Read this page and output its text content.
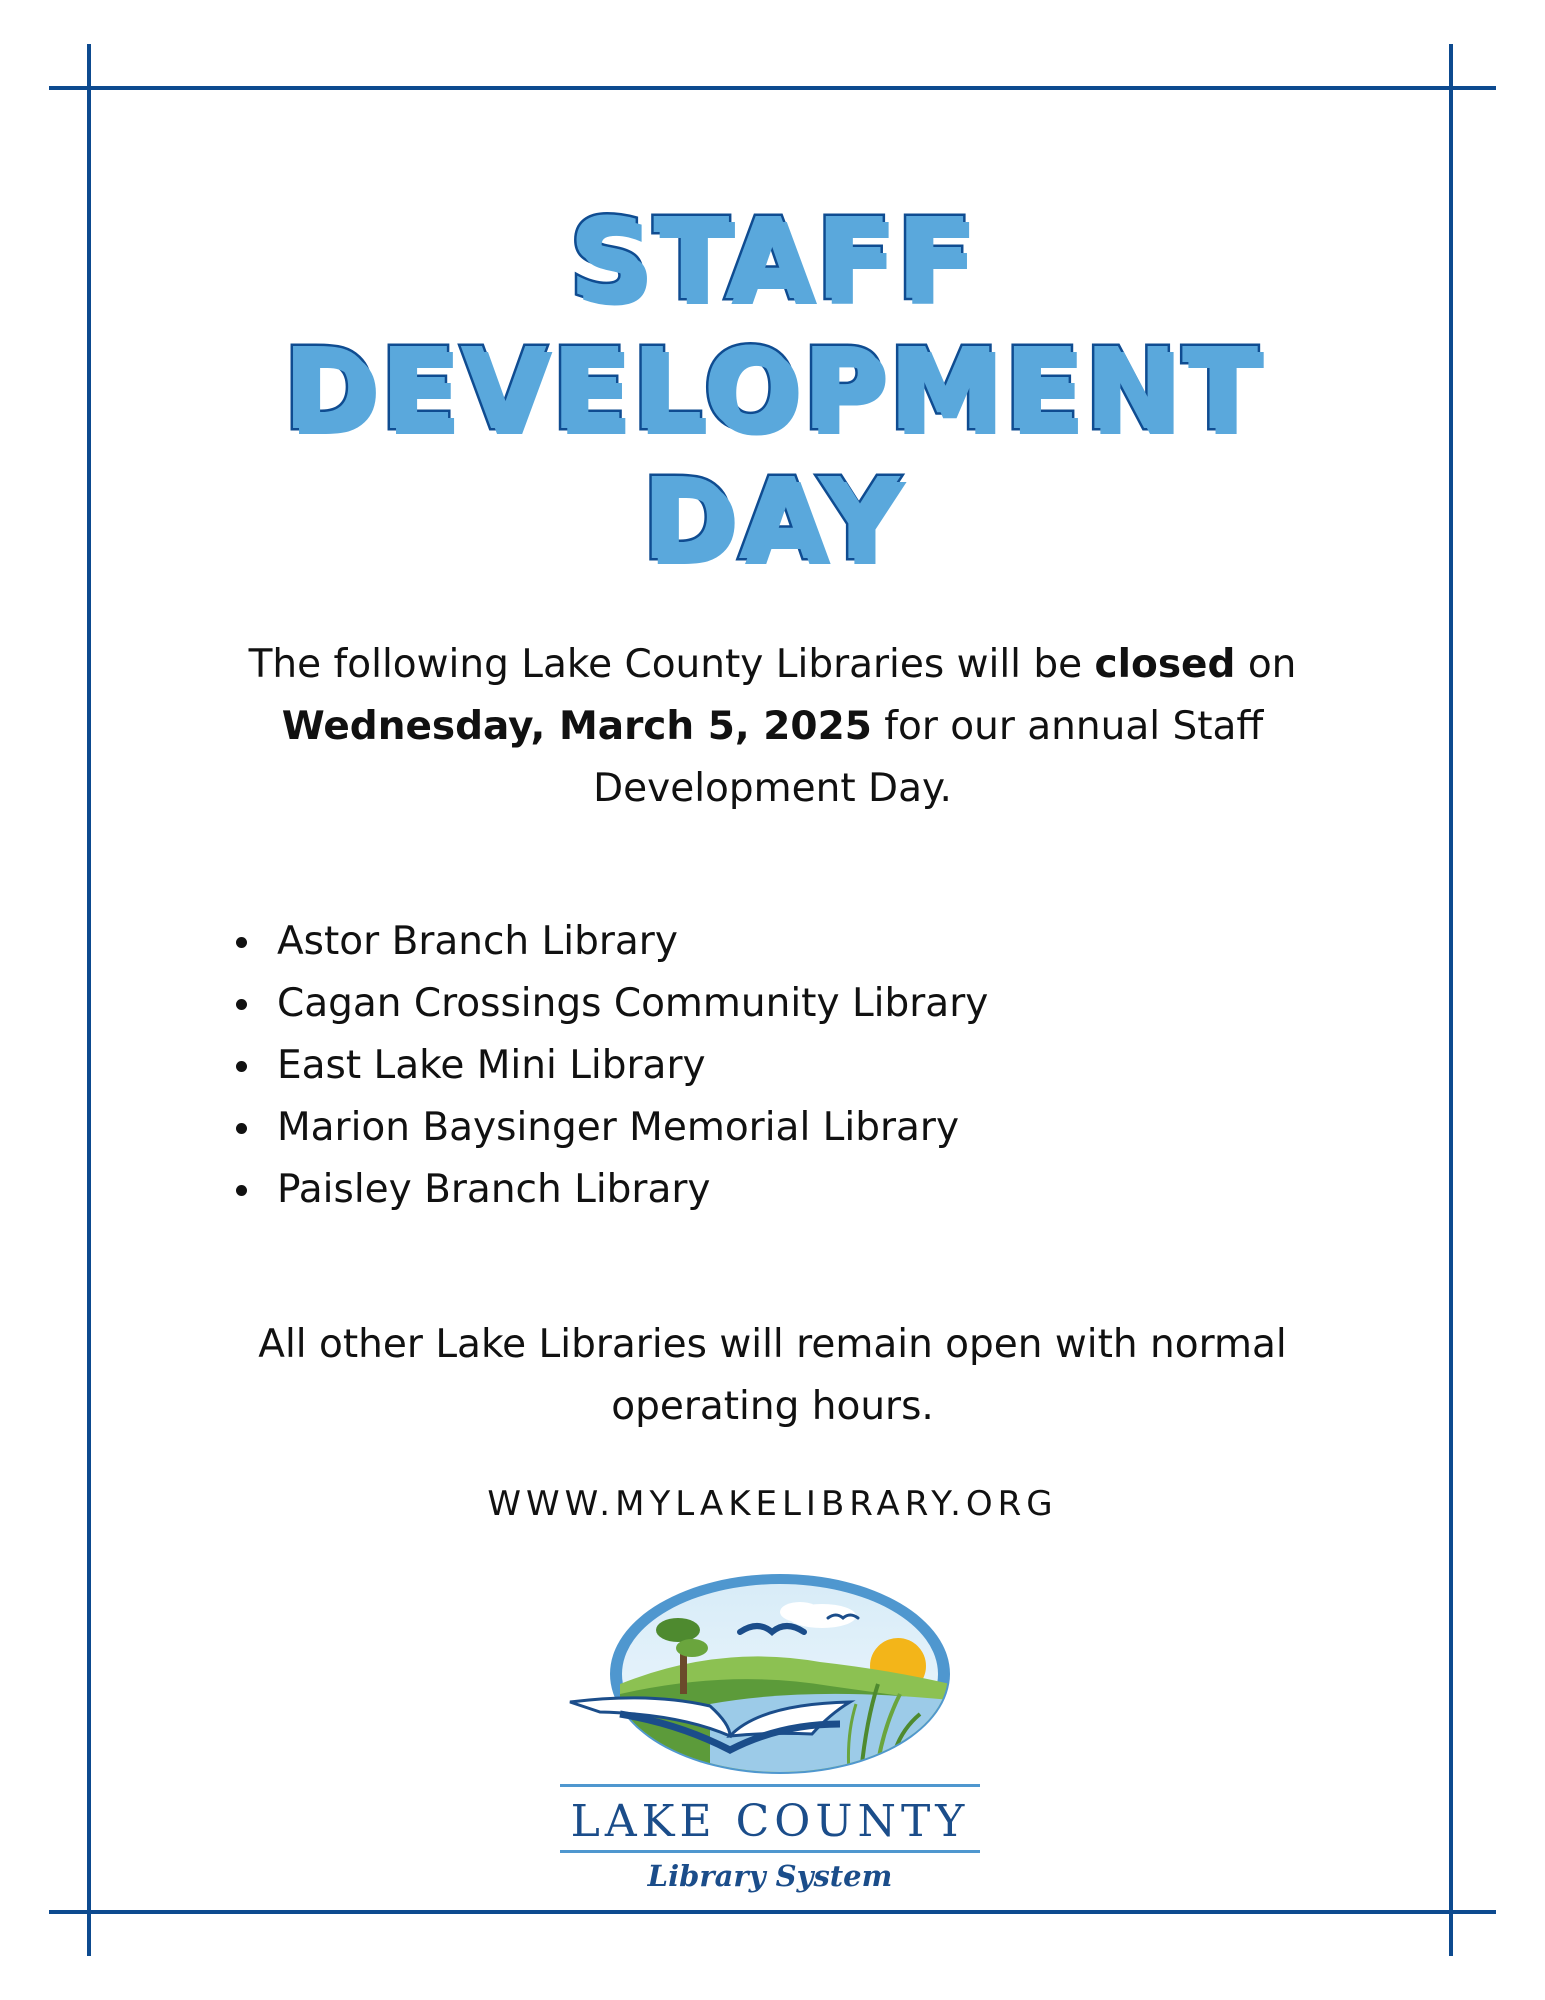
STAFF
DEVELOPMENT
DAY

The following Lake County Libraries will be closed on
Wednesday, March 5, 2025 for our annual Staff Development Day.

Astor Branch Library
Cagan Crossings Community Library
East Lake Mini Library
Marion Baysinger Memorial Library
Paisley Branch Library

All other Lake Libraries will remain open with normal operating hours.

WWW.MYLAKELIBRARY.ORG
LAKE COUNTY
Library System
